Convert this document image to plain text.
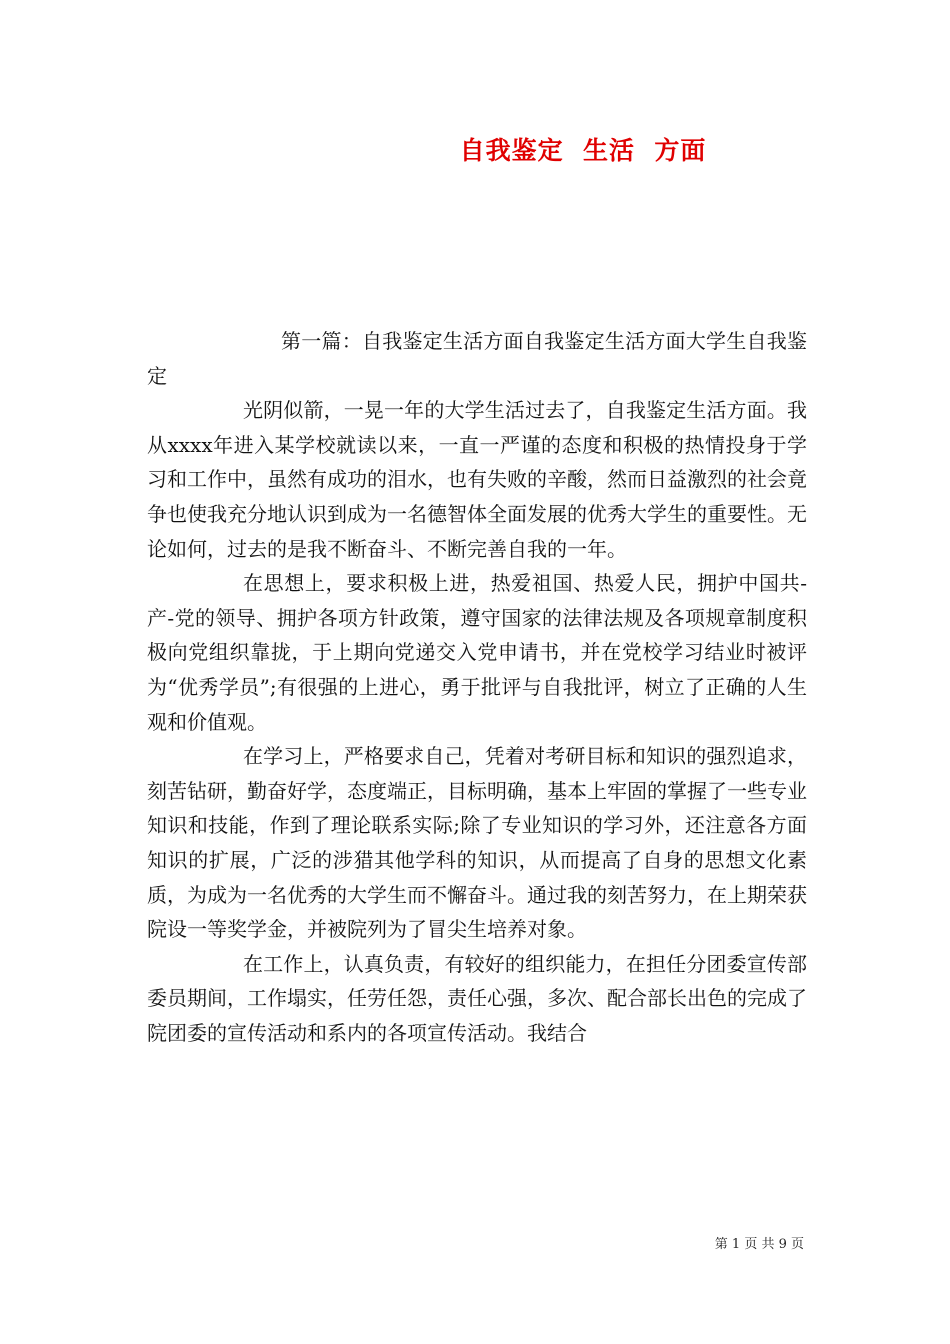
自我鉴定  生活  方面

第一篇：自我鉴定生活方面自我鉴定生活方面大学生自我鉴定

光阴似箭，一晃一年的大学生活过去了，自我鉴定生活方面。我从xxxx年进入某学校就读以来，一直一严谨的态度和积极的热情投身于学习和工作中，虽然有成功的泪水，也有失败的辛酸，然而日益激烈的社会竟争也使我充分地认识到成为一名德智体全面发展的优秀大学生的重要性。无论如何，过去的是我不断奋斗、不断完善自我的一年。

在思想上，要求积极上进，热爱祖国、热爱人民，拥护中国共-产-党的领导、拥护各项方针政策，遵守国家的法律法规及各项规章制度积极向党组织靠拢，于上期向党递交入党申请书，并在党校学习结业时被评为“优秀学员”;有很强的上进心，勇于批评与自我批评，树立了正确的人生观和价值观。

在学习上，严格要求自己，凭着对考研目标和知识的强烈追求，刻苦钻研，勤奋好学，态度端正，目标明确，基本上牢固的掌握了一些专业知识和技能，作到了理论联系实际;除了专业知识的学习外，还注意各方面知识的扩展，广泛的涉猎其他学科的知识，从而提高了自身的思想文化素质，为成为一名优秀的大学生而不懈奋斗。通过我的刻苦努力，在上期荣获院设一等奖学金，并被院列为了冒尖生培养对象。

在工作上，认真负责，有较好的组织能力，在担任分团委宣传部委员期间，工作塌实，任劳任怨，责任心强，多次、配合部长出色的完成了院团委的宣传活动和系内的各项宣传活动。我结合

第 1 页 共 9 页
